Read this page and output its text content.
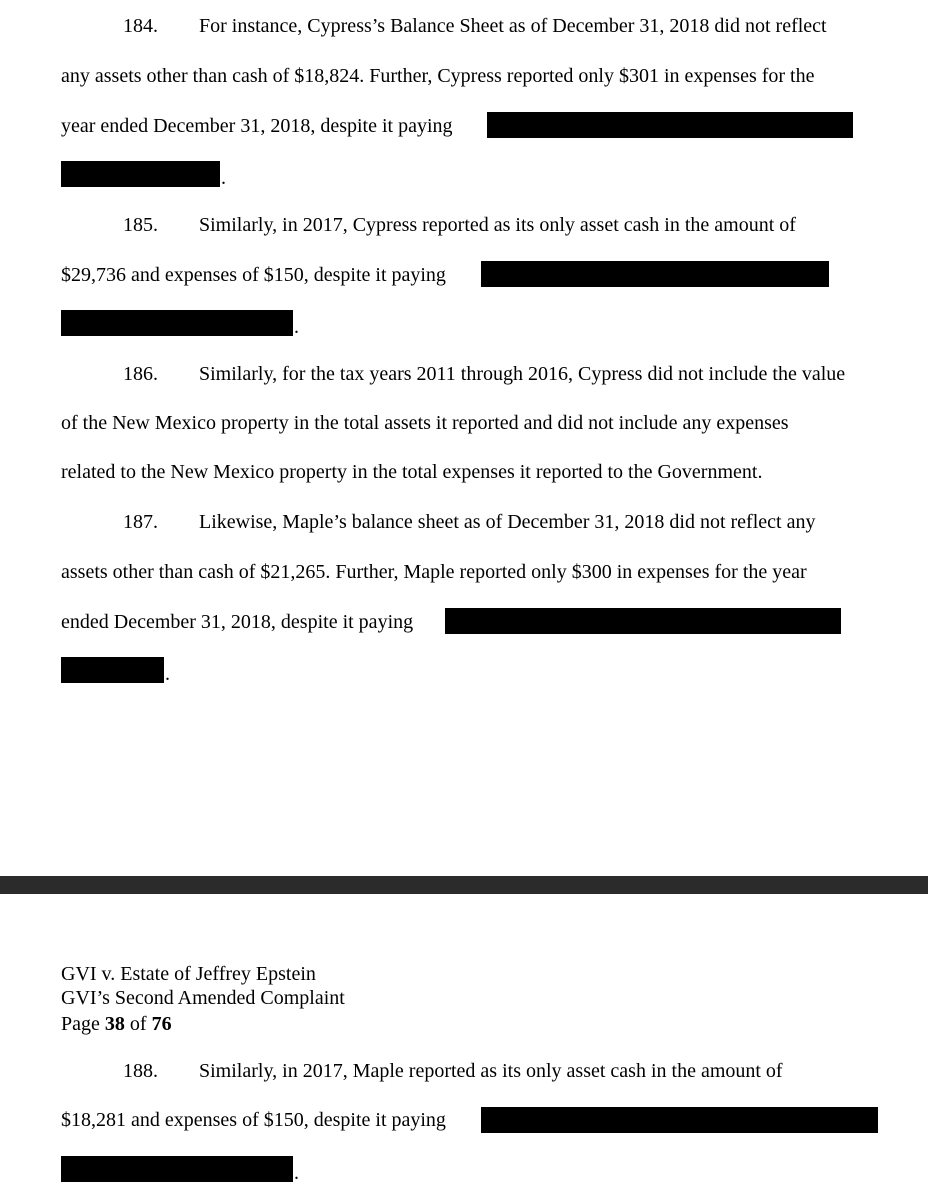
184. For instance, Cypress’s Balance Sheet as of December 31, 2018 did not reflect
any assets other than cash of $18,824. Further, Cypress reported only $301 in expenses for the
year ended December 31, 2018, despite it paying
.
185. Similarly, in 2017, Cypress reported as its only asset cash in the amount of
$29,736 and expenses of $150, despite it paying
.
186. Similarly, for the tax years 2011 through 2016, Cypress did not include the value
of the New Mexico property in the total assets it reported and did not include any expenses
related to the New Mexico property in the total expenses it reported to the Government.
187. Likewise, Maple’s balance sheet as of December 31, 2018 did not reflect any
assets other than cash of $21,265. Further, Maple reported only $300 in expenses for the year
ended December 31, 2018, despite it paying
.
GVI v. Estate of Jeffrey Epstein
GVI’s Second Amended Complaint
Page 38 of 76
188. Similarly, in 2017, Maple reported as its only asset cash in the amount of
$18,281 and expenses of $150, despite it paying
.
